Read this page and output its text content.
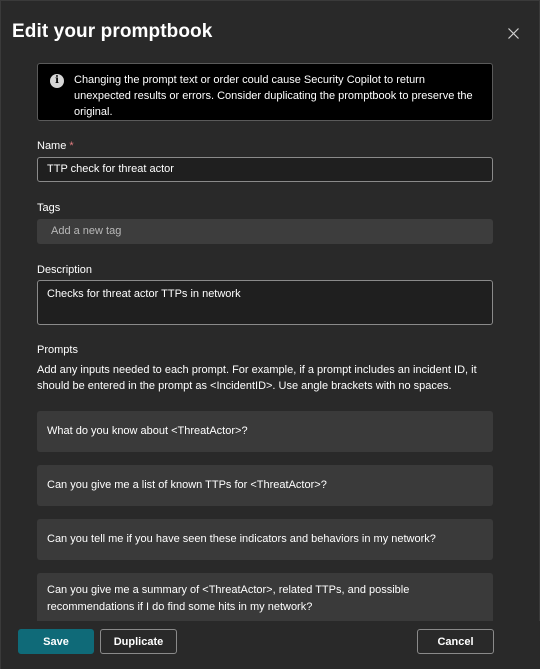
Edit your promptbook
i	Changing the prompt text or order could cause Security Copilot to return unexpected results or errors. Consider duplicating the promptbook to preserve the original.
Name *
TTP check for threat actor
Tags
Add a new tag
Description
Checks for threat actor TTPs in network
Prompts
Add any inputs needed to each prompt. For example, if a prompt includes an incident ID, it should be entered in the prompt as <IncidentID>. Use angle brackets with no spaces.
What do you know about <ThreatActor>?
Can you give me a list of known TTPs for <ThreatActor>?
Can you tell me if you have seen these indicators and behaviors in my network?
Can you give me a summary of <ThreatActor>, related TTPs, and possible recommendations if I do find some hits in my network?
Save	Duplicate	Cancel
